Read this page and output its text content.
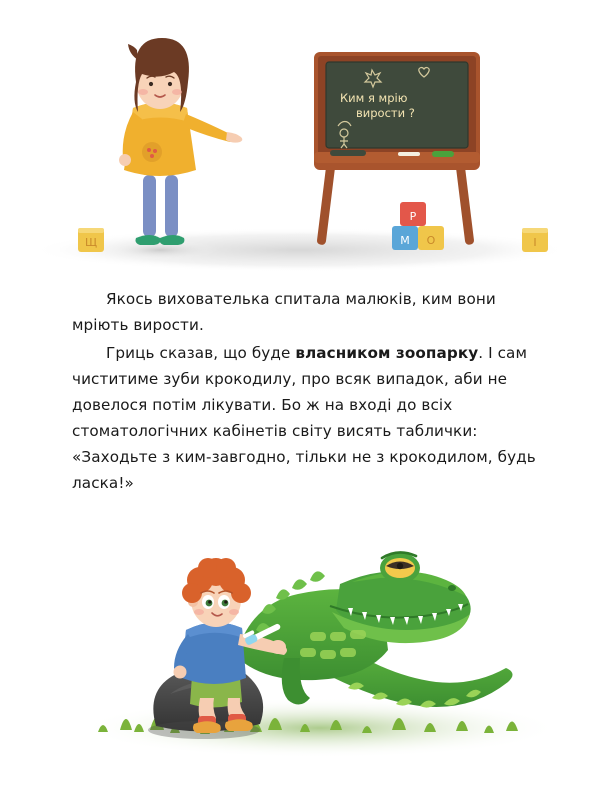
Ким я мрію
вирости ?
Щ
Р
М О	І

Якось вихователька спитала малюків, ким вони мріють вирости.

Гриць сказав, що буде власником зоопарку. І сам чиститиме зуби крокодилу, про всяк випадок, аби не довелося потім лікувати. Бо ж на вході до всіх стоматологічних кабінетів світу висять таблички: «Заходьте з ким-завгодно, тільки не з крокодилом, будь ласка!»
